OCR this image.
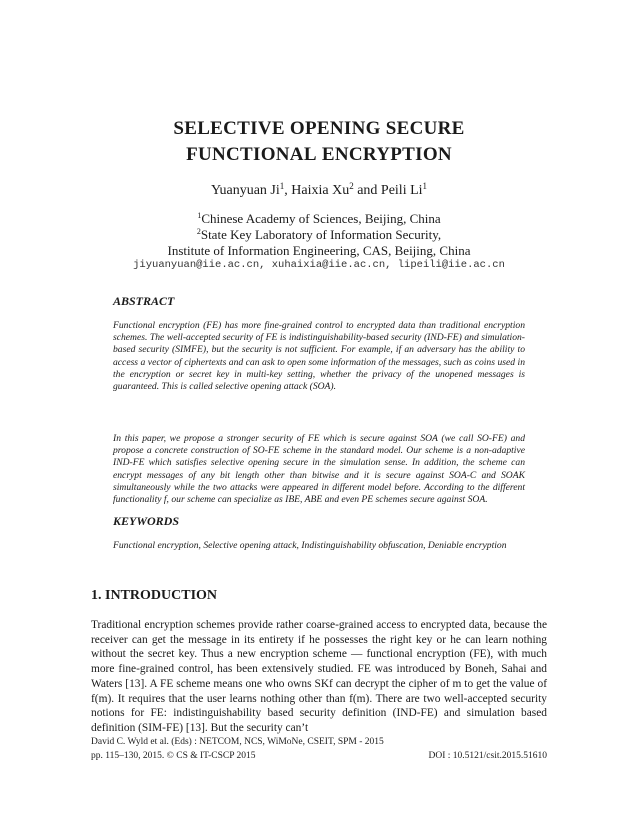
SELECTIVE OPENING SECURE
FUNCTIONAL ENCRYPTION
Yuanyuan Ji$^1$, Haixia Xu$^2$ and Peili Li$^1$
$^1$Chinese Academy of Sciences, Beijing, China
$^2$State Key Laboratory of Information Security,
Institute of Information Engineering, CAS, Beijing, China
jiyuanyuan@iie.ac.cn, xuhaixia@iie.ac.cn, lipeili@iie.ac.cn
ABSTRACT
Functional encryption (FE) has more fine-grained control to encrypted data than traditional encryption schemes. The well-accepted security of FE is indistinguishability-based security (IND-FE) and simulation-based security (SIMFE), but the security is not sufficient. For example, if an adversary has the ability to access a vector of ciphertexts and can ask to open some information of the messages, such as coins used in the encryption or secret key in multi-key setting, whether the privacy of the unopened messages is guaranteed. This is called selective opening attack (SOA).
In this paper, we propose a stronger security of FE which is secure against SOA (we call SO-FE) and propose a concrete construction of SO-FE scheme in the standard model. Our scheme is a non-adaptive IND-FE which satisfies selective opening secure in the simulation sense. In addition, the scheme can encrypt messages of any bit length other than bitwise and it is secure against SOA-C and SOAK simultaneously while the two attacks were appeared in different model before. According to the different functionality f, our scheme can specialize as IBE, ABE and even PE schemes secure against SOA.
KEYWORDS
Functional encryption, Selective opening attack, Indistinguishability obfuscation, Deniable encryption
1. INTRODUCTION
Traditional encryption schemes provide rather coarse-grained access to encrypted data, because the receiver can get the message in its entirety if he possesses the right key or he can learn nothing without the secret key. Thus a new encryption scheme — functional encryption (FE), with much more fine-grained control, has been extensively studied. FE was introduced by Boneh, Sahai and Waters [13]. A FE scheme means one who owns SKf can decrypt the cipher of m to get the value of f(m). It requires that the user learns nothing other than f(m). There are two well-accepted security notions for FE: indistinguishability based security definition (IND-FE) and simulation based definition (SIM-FE) [13]. But the security can’t
David C. Wyld et al. (Eds) : NETCOM, NCS, WiMoNe, CSEIT, SPM - 2015
pp. 115–130, 2015. © CS & IT-CSCP 2015	DOI : 10.5121/csit.2015.51610
